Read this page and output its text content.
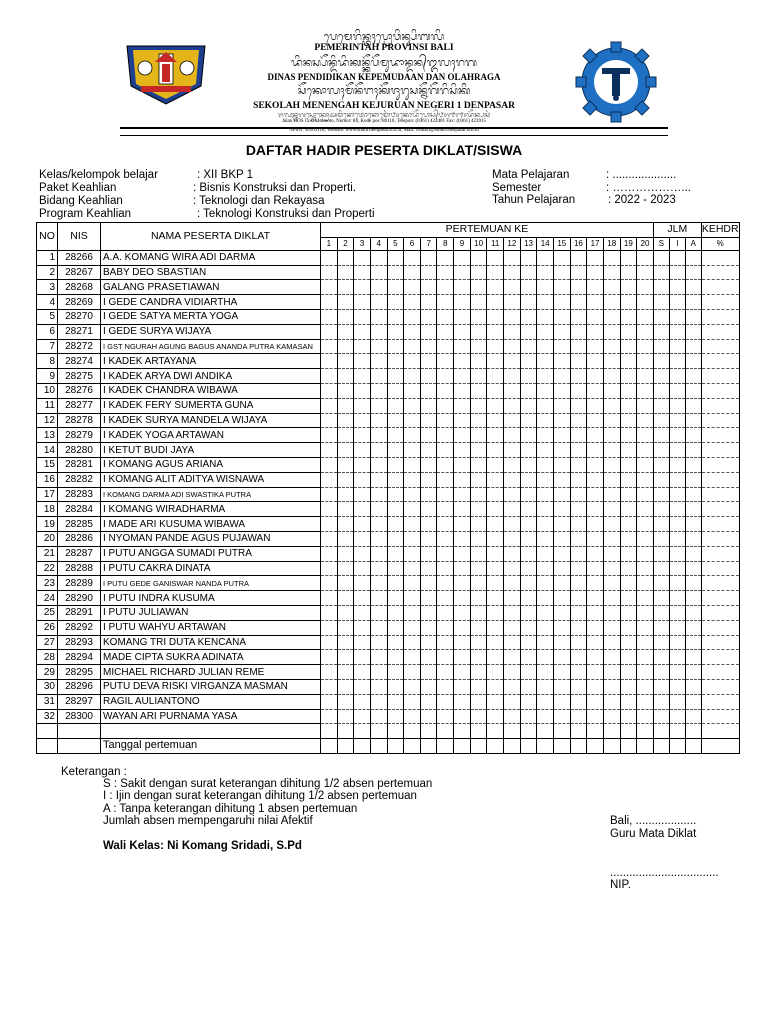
ᬧᬾᬫᬾᬭᬶᬦ᭄ᬢᬄᬧ᭄ᬭᭀᬯᬶᬦ᭄ᬲᬶᬩᬮᬶ
PEMERINTAH PROVINSI BALI
ᬤᬶᬦᬲ᭄ᬧᭂᬦ᭄ᬤᬶᬤᬶᬓᬦ᭄ᬓᭂᬧᭂᬫᬸᬤᬵᬦ᭄ᬤᬦ᭄ᬑᬮᬄᬭᬕ
DINAS PENDIDIKAN KEPEMUDAAN DAN OLAHRAGA
ᬲᭂᬓᭀᬮᬄᬫᭂᬦᭂᬗᬄᬓᭂᬚᬸᬭᬸᬲᬦ᭄ᬦᭂᬕᭂᬭᬶᬲᬶᬓᬶ
SEKOLAH MENENGAH KEJURUAN NEGERI 1 DENPASAR
ᬚᬮᬦ᭄ᬳᬕᬲ᭄ᬘᭀᬓ᭄ᬭᭀᬅᬫᬶᬦᭀᬢᭀᬦᭀᬫᭀᬃ᭘᭔ᬓᭀᬤᭂᬧᭀᬲ᭄᭘᭐᭑᭑᭐ᬤᭂᬦ᭄ᬧᬲᬃ
Jalan HOS Cokroaminoto, Nomor: 84, Kode pos: 80110, Telepon: (0361) 422401 Fax: (0361) 423915
NPSN: 50103118, Website: www.smkn1denpasar.sch.id, Mail: contact@smkn1denpasar.sch.id
DAFTAR HADIR PESERTA DIKLAT/SISWA
Kelas/kelompok belajar	: XII BKP 1
Paket Keahlian	: Bisnis Konstruksi dan Properti.
Bidang Keahlian	: Teknologi dan Rekayasa
Program Keahlian	: Teknologi Konstruksi dan Properti
Mata Pelajaran	: ....................
Semester	: ………………...
Tahun Pelajaran	: 2022 - 2023
NO	NIS	NAMA PESERTA DIKLAT	PERTEMUAN KE																				JLM			KEHDR
			1	2	3	4	5	6	7	8	9	10	11	12	13	14	15	16	17	18	19	20	S	I	A	%
1	28266	A.A. KOMANG WIRA ADI DARMA																								
2	28267	BABY DEO SBASTIAN																								
3	28268	GALANG PRASETIAWAN																								
4	28269	I GEDE CANDRA VIDIARTHA																								
5	28270	I GEDE SATYA MERTA YOGA																								
6	28271	I GEDE SURYA WIJAYA																								
7	28272	I GST NGURAH AGUNG BAGUS ANANDA PUTRA KAMASAN																								
8	28274	I KADEK ARTAYANA																								
9	28275	I KADEK ARYA DWI ANDIKA																								
10	28276	I KADEK CHANDRA WIBAWA																								
11	28277	I KADEK FERY SUMERTA GUNA																								
12	28278	I KADEK SURYA MANDELA WIJAYA																								
13	28279	I KADEK YOGA ARTAWAN																								
14	28280	I KETUT BUDI JAYA																								
15	28281	I KOMANG AGUS ARIANA																								
16	28282	I KOMANG ALIT ADITYA WISNAWA																								
17	28283	I KOMANG DARMA ADI SWASTIKA PUTRA																								
18	28284	I KOMANG WIRADHARMA																								
19	28285	I MADE ARI KUSUMA WIBAWA																								
20	28286	I NYOMAN PANDE AGUS PUJAWAN																								
21	28287	I PUTU ANGGA SUMADI PUTRA																								
22	28288	I PUTU CAKRA DINATA																								
23	28289	I PUTU GEDE GANISWAR NANDA PUTRA																								
24	28290	I PUTU INDRA KUSUMA																								
25	28291	I PUTU JULIAWAN																								
26	28292	I PUTU WAHYU ARTAWAN																								
27	28293	KOMANG TRI DUTA KENCANA																								
28	28294	MADE CIPTA SUKRA ADINATA																								
29	28295	MICHAEL RICHARD JULIAN REME																								
30	28296	PUTU DEVA RISKI VIRGANZA MASMAN																								
31	28297	RAGIL AULIANTONO																								
32	28300	WAYAN ARI PURNAMA YASA																								

		Tanggal pertemuan																								
Keterangan :
S : Sakit dengan surat keterangan dihitung 1/2 absen pertemuan
I : Ijin dengan surat keterangan dihitung 1/2 absen pertemuan
A : Tanpa keterangan dihitung 1 absen pertemuan
Jumlah absen mempengaruhi nilai Afektif
Wali Kelas: Ni Komang Sridadi, S.Pd
Bali, ...................
Guru Mata Diklat
..................................
NIP.
